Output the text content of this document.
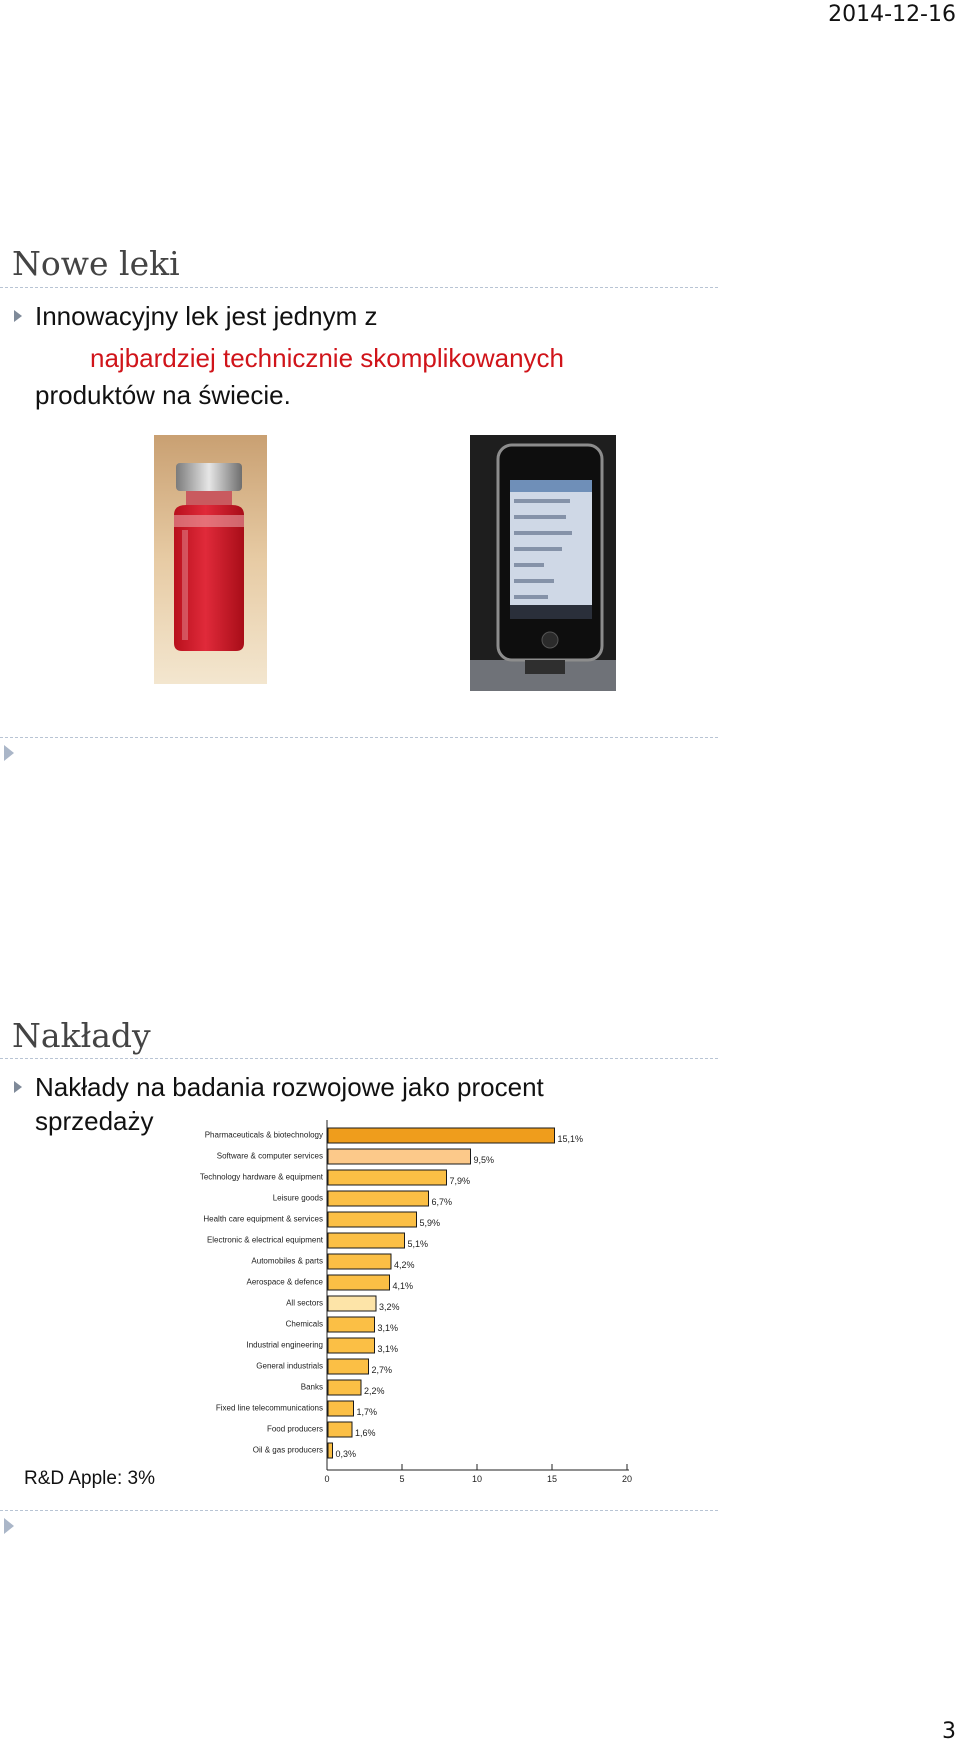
2014-12-16
Nowe leki
Innowacyjny lek jest jednym z
najbardziej technicznie skomplikowanych
produktów na świecie.
Nakłady
Nakłady na badania rozwojowe jako procent
sprzedaży	Pharmaceuticals & biotechnology	15,1%
Software & computer services	9,5%
Technology hardware & equipment	7,9%
Leisure goods	6,7%
Health care equipment & services	5,9%
Electronic & electrical equipment	5,1%
Automobiles & parts	4,2%
Aerospace & defence	4,1%
All sectors	3,2%
Chemicals	3,1%
Industrial engineering	3,1%
General industrials	2,7%
Banks	2,2%
Fixed line telecommunications	1,7%
Food producers	1,6%
Oil & gas producers 0,3%
0	5	10	15	20
R&D Apple: 3%
3
